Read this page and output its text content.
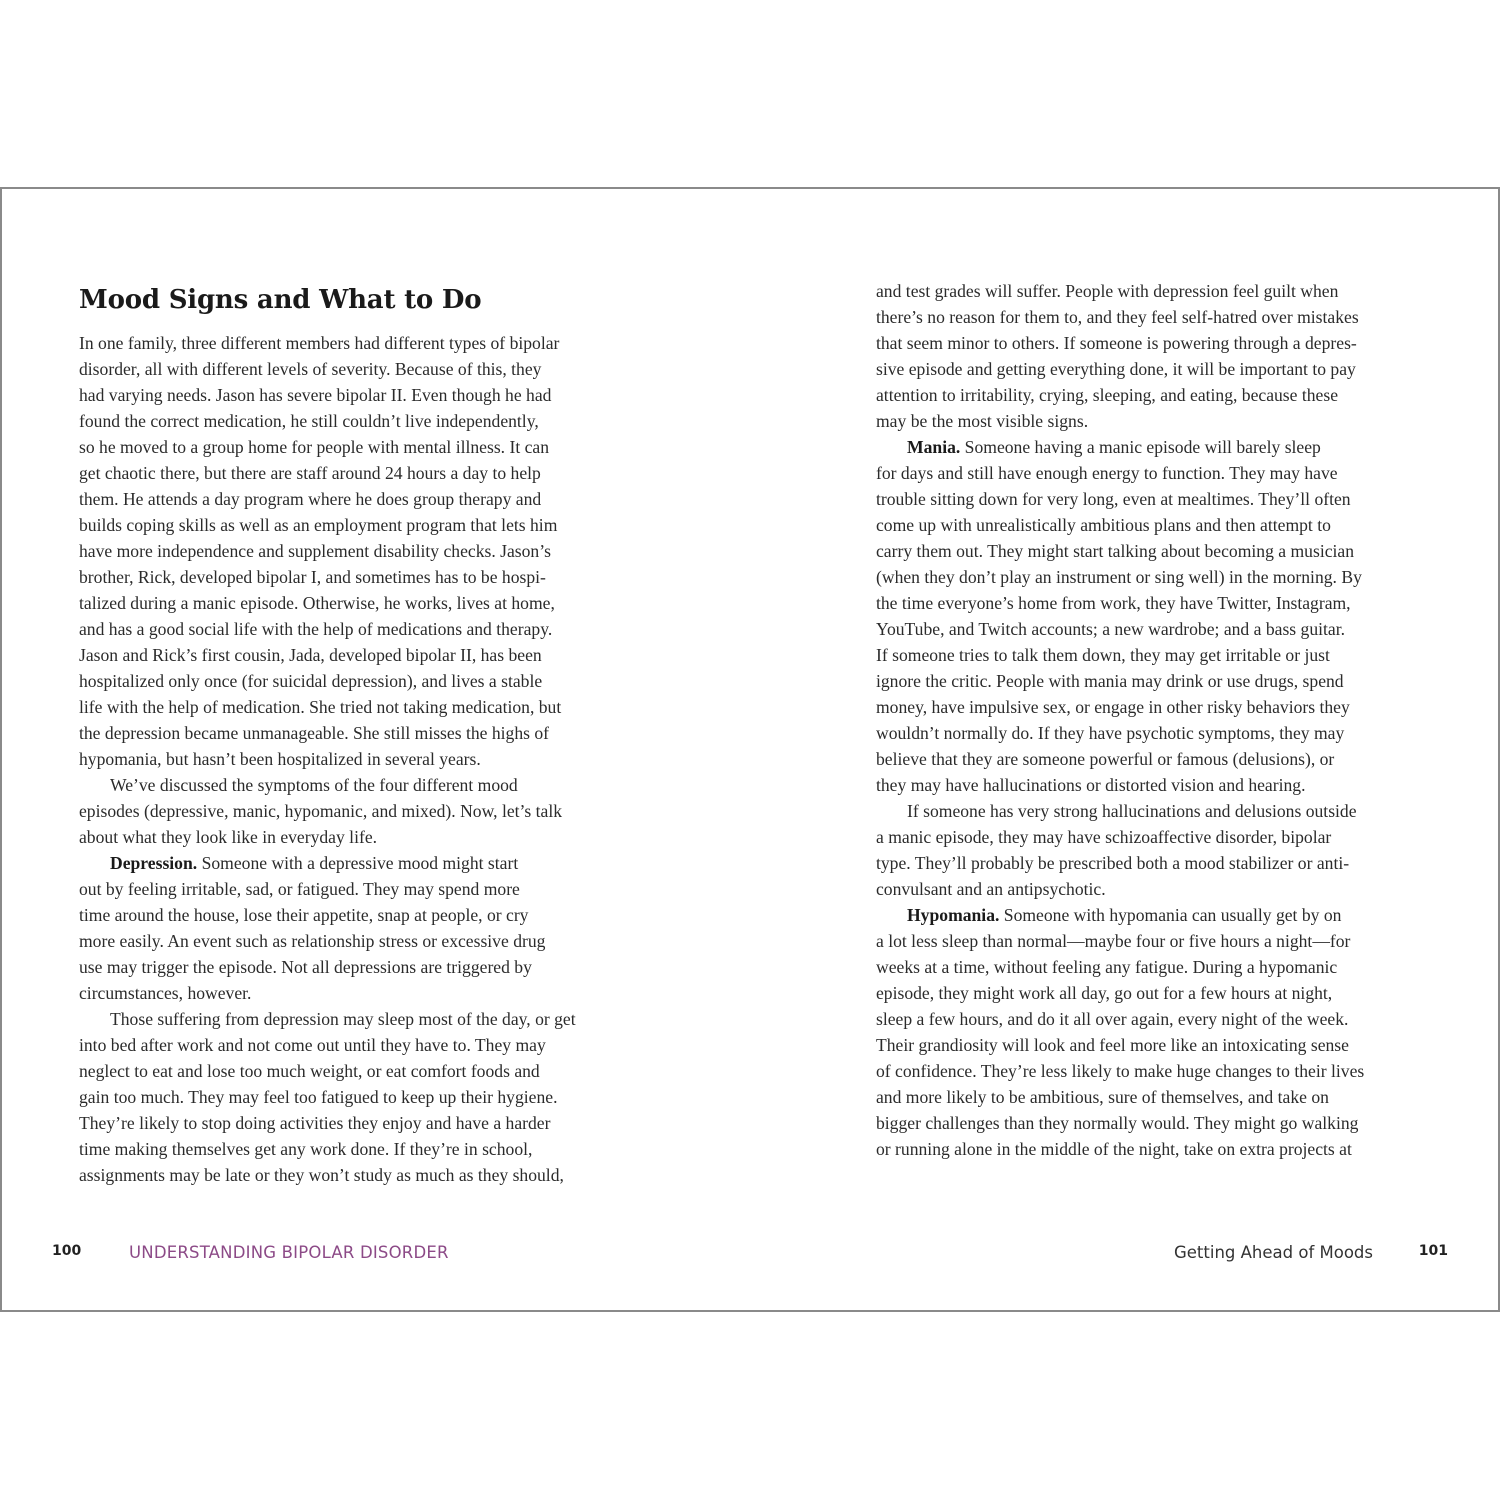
Mood Signs and What to Do
In one family, three different members had different types of bipolar
disorder, all with different levels of severity. Because of this, they
had varying needs. Jason has severe bipolar II. Even though he had
found the correct medication, he still couldn’t live independently,
so he moved to a group home for people with mental illness. It can
get chaotic there, but there are staff around 24 hours a day to help
them. He attends a day program where he does group therapy and
builds coping skills as well as an employment program that lets him
have more independence and supplement disability checks. Jason’s
brother, Rick, developed bipolar I, and sometimes has to be hospi-
talized during a manic episode. Otherwise, he works, lives at home,
and has a good social life with the help of medications and therapy.
Jason and Rick’s first cousin, Jada, developed bipolar II, has been
hospitalized only once (for suicidal depression), and lives a stable
life with the help of medication. She tried not taking medication, but
the depression became unmanageable. She still misses the highs of
hypomania, but hasn’t been hospitalized in several years.
We’ve discussed the symptoms of the four different mood
episodes (depressive, manic, hypomanic, and mixed). Now, let’s talk
about what they look like in everyday life.
Depression. Someone with a depressive mood might start
out by feeling irritable, sad, or fatigued. They may spend more
time around the house, lose their appetite, snap at people, or cry
more easily. An event such as relationship stress or excessive drug
use may trigger the episode. Not all depressions are triggered by
circumstances, however.
Those suffering from depression may sleep most of the day, or get
into bed after work and not come out until they have to. They may
neglect to eat and lose too much weight, or eat comfort foods and
gain too much. They may feel too fatigued to keep up their hygiene.
They’re likely to stop doing activities they enjoy and have a harder
time making themselves get any work done. If they’re in school,
assignments may be late or they won’t study as much as they should,
and test grades will suffer. People with depression feel guilt when
there’s no reason for them to, and they feel self-hatred over mistakes
that seem minor to others. If someone is powering through a depres-
sive episode and getting everything done, it will be important to pay
attention to irritability, crying, sleeping, and eating, because these
may be the most visible signs.
Mania. Someone having a manic episode will barely sleep
for days and still have enough energy to function. They may have
trouble sitting down for very long, even at mealtimes. They’ll often
come up with unrealistically ambitious plans and then attempt to
carry them out. They might start talking about becoming a musician
(when they don’t play an instrument or sing well) in the morning. By
the time everyone’s home from work, they have Twitter, Instagram,
YouTube, and Twitch accounts; a new wardrobe; and a bass guitar.
If someone tries to talk them down, they may get irritable or just
ignore the critic. People with mania may drink or use drugs, spend
money, have impulsive sex, or engage in other risky behaviors they
wouldn’t normally do. If they have psychotic symptoms, they may
believe that they are someone powerful or famous (delusions), or
they may have hallucinations or distorted vision and hearing.
If someone has very strong hallucinations and delusions outside
a manic episode, they may have schizoaffective disorder, bipolar
type. They’ll probably be prescribed both a mood stabilizer or anti-
convulsant and an antipsychotic.
Hypomania. Someone with hypomania can usually get by on
a lot less sleep than normal—maybe four or five hours a night—for
weeks at a time, without feeling any fatigue. During a hypomanic
episode, they might work all day, go out for a few hours at night,
sleep a few hours, and do it all over again, every night of the week.
Their grandiosity will look and feel more like an intoxicating sense
of confidence. They’re less likely to make huge changes to their lives
and more likely to be ambitious, sure of themselves, and take on
bigger challenges than they normally would. They might go walking
or running alone in the middle of the night, take on extra projects at
100	UNDERSTANDING BIPOLAR DISORDER	Getting Ahead of Moods	101
